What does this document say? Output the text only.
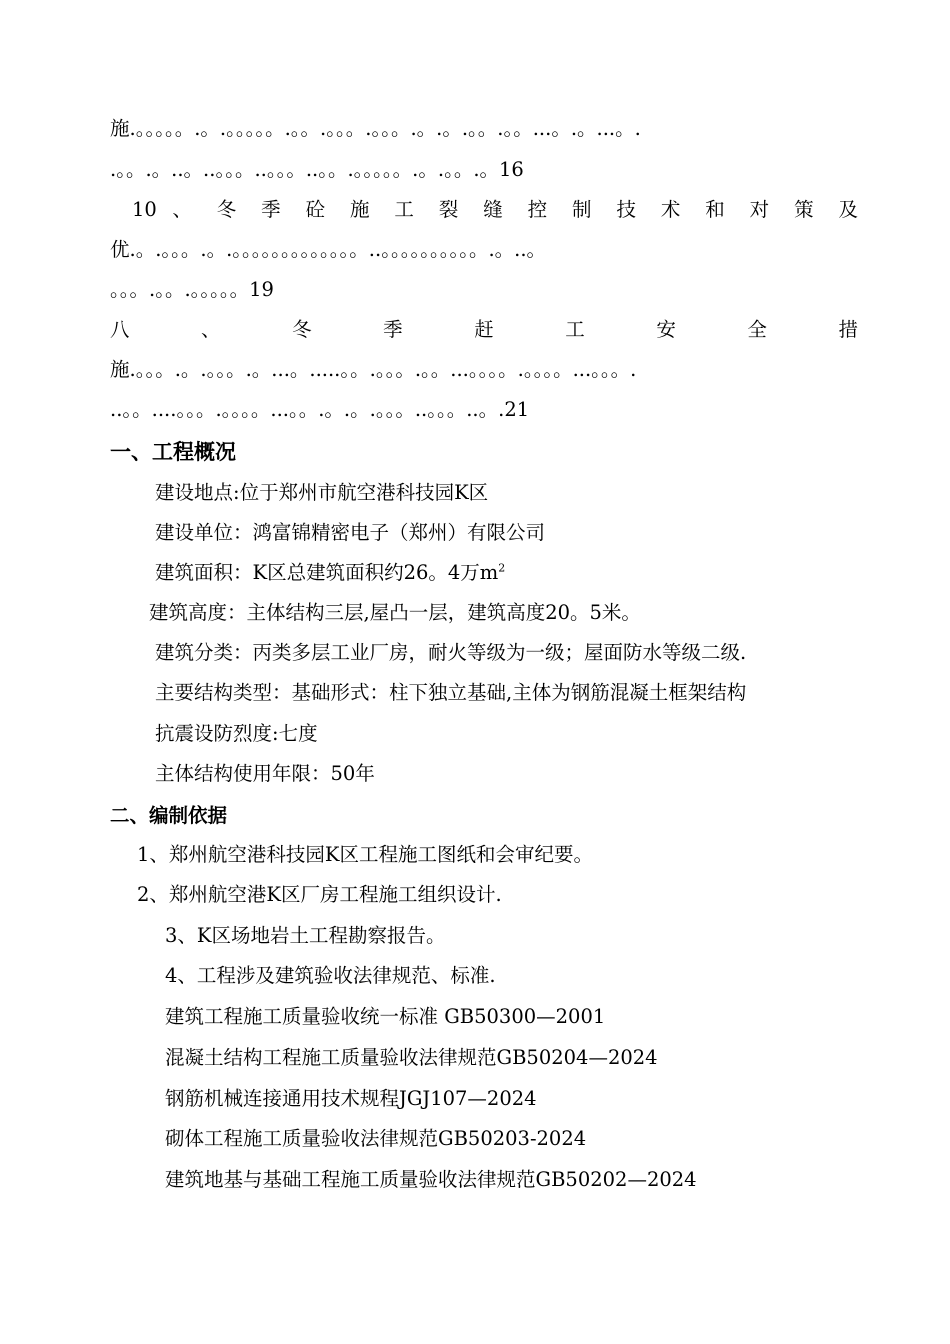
施.。。。。。.。.。。。。。.。。.。。。.。。。.。.。.。。.。。...。.。...。.
.。。.。..。..。。。..。。。..。。.。。。。。.。.。。.。16
10 、 冬 季 砼 施 工 裂 缝 控 制 技 术 和 对 策 及
优.。.。。。.。.。。。。。。。。。。。。。..。。。。。。。。。。.。..。
。。。.。。.。。。。。19
八 、 冬 季 赶 工 安 全 措
施.。。。.。.。。。.。...。.....。。.。。。.。。...。。。。.。。。。...。。。.
..。。....。。。.。。。。...。。.。.。.。。。..。。。..。.21
一、工程概况
建设地点:位于郑州市航空港科技园K区
建设单位：鸿富锦精密电子（郑州）有限公司
建筑面积：K区总建筑面积约26。4万$m^2$
建筑高度：主体结构三层,屋凸一层，建筑高度20。5米。
建筑分类：丙类多层工业厂房，耐火等级为一级；屋面防水等级二级.
主要结构类型：基础形式：柱下独立基础,主体为钢筋混凝土框架结构
抗震设防烈度:七度
主体结构使用年限：50年
二、编制依据
1、郑州航空港科技园K区工程施工图纸和会审纪要。
2、郑州航空港K区厂房工程施工组织设计.
3、K区场地岩土工程勘察报告。
4、工程涉及建筑验收法律规范、标准.
建筑工程施工质量验收统一标准 GB50300—2001
混凝土结构工程施工质量验收法律规范GB50204—2024
钢筋机械连接通用技术规程JGJ107—2024
砌体工程施工质量验收法律规范GB50203-2024
建筑地基与基础工程施工质量验收法律规范GB50202—2024
